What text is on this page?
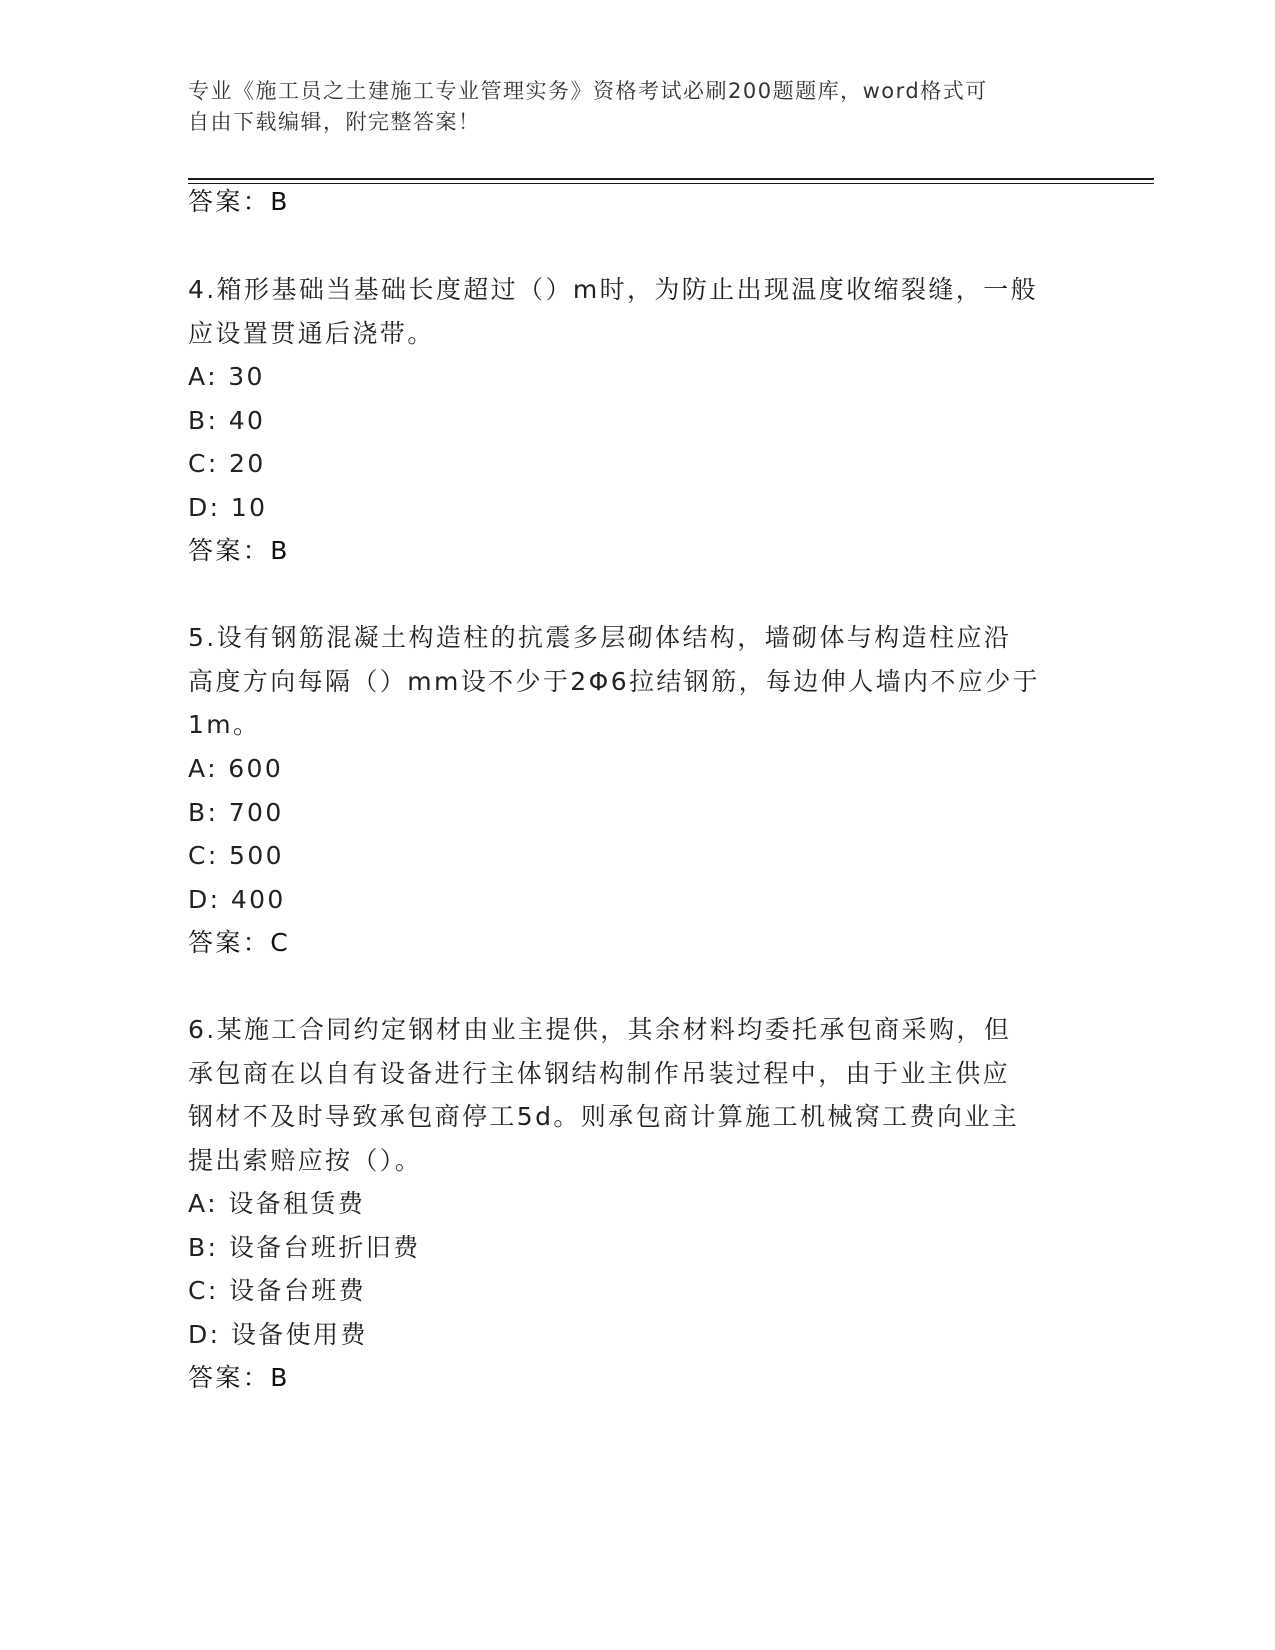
专业《施工员之土建施工专业管理实务》资格考试必刷200题题库，word格式可
自由下载编辑，附完整答案！
答案：B
4.箱形基础当基础长度超过（）m时，为防止出现温度收缩裂缝，一般
应设置贯通后浇带。
A: 30
B: 40
C: 20
D: 10
答案：B
5.设有钢筋混凝土构造柱的抗震多层砌体结构，墙砌体与构造柱应沿
高度方向每隔（）mm设不少于2Φ6拉结钢筋，每边伸人墙内不应少于
1m。
A: 600
B: 700
C: 500
D: 400
答案：C
6.某施工合同约定钢材由业主提供，其余材料均委托承包商采购，但
承包商在以自有设备进行主体钢结构制作吊装过程中，由于业主供应
钢材不及时导致承包商停工5d。则承包商计算施工机械窝工费向业主
提出索赔应按（）。
A: 设备租赁费
B: 设备台班折旧费
C: 设备台班费
D: 设备使用费
答案：B
